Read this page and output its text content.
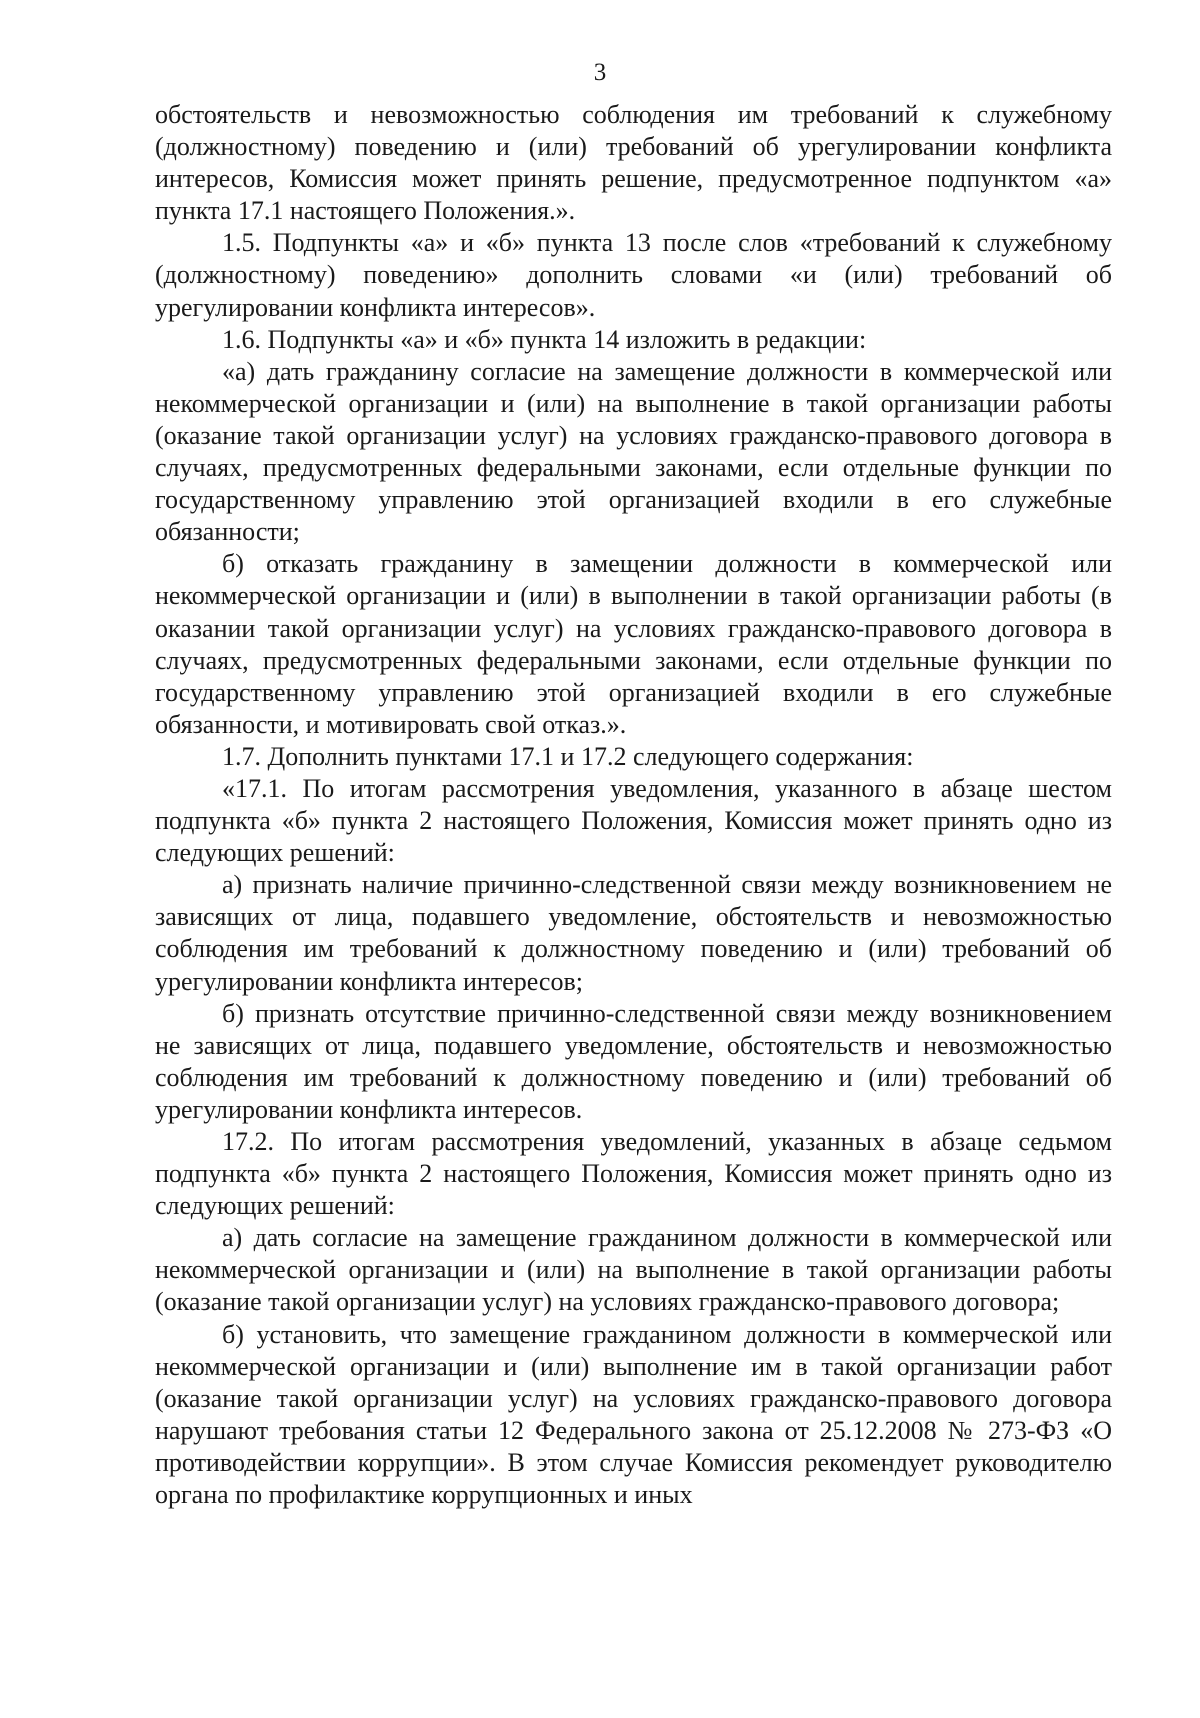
3

обстоятельств и невозможностью соблюдения им требований к служебному (должностному) поведению и (или) требований об урегулировании конфликта интересов, Комиссия может принять решение, предусмотренное подпунктом «а» пункта 17.1 настоящего Положения.».

1.5. Подпункты «а» и «б» пункта 13 после слов «требований к служебному (должностному) поведению» дополнить словами «и (или) требований об урегулировании конфликта интересов».

1.6. Подпункты «а» и «б» пункта 14 изложить в редакции:

«а) дать гражданину согласие на замещение должности в коммерческой или некоммерческой организации и (или) на выполнение в такой организации работы (оказание такой организации услуг) на условиях гражданско-правового договора в случаях, предусмотренных федеральными законами, если отдельные функции по государственному управлению этой организацией входили в его служебные обязанности;

б) отказать гражданину в замещении должности в коммерческой или некоммерческой организации и (или) в выполнении в такой организации работы (в оказании такой организации услуг) на условиях гражданско-правового договора в случаях, предусмотренных федеральными законами, если отдельные функции по государственному управлению этой организацией входили в его служебные обязанности, и мотивировать свой отказ.».

1.7. Дополнить пунктами 17.1 и 17.2 следующего содержания:

«17.1. По итогам рассмотрения уведомления, указанного в абзаце шестом подпункта «б» пункта 2 настоящего Положения, Комиссия может принять одно из следующих решений:

а) признать наличие причинно-следственной связи между возникновением не зависящих от лица, подавшего уведомление, обстоятельств и невозможностью соблюдения им требований к должностному поведению и (или) требований об урегулировании конфликта интересов;

б) признать отсутствие причинно-следственной связи между возникновением не зависящих от лица, подавшего уведомление, обстоятельств и невозможностью соблюдения им требований к должностному поведению и (или) требований об урегулировании конфликта интересов.

17.2. По итогам рассмотрения уведомлений, указанных в абзаце седьмом подпункта «б» пункта 2 настоящего Положения, Комиссия может принять одно из следующих решений:

а) дать согласие на замещение гражданином должности в коммерческой или некоммерческой организации и (или) на выполнение в такой организации работы (оказание такой организации услуг) на условиях гражданско-правового договора;

б) установить, что замещение гражданином должности в коммерческой или некоммерческой организации и (или) выполнение им в такой организации работ (оказание такой организации услуг) на условиях гражданско-правового договора нарушают требования статьи 12 Федерального закона от 25.12.2008 № 273-ФЗ «О противодействии коррупции». В этом случае Комиссия рекомендует руководителю органа по профилактике коррупционных и иных
